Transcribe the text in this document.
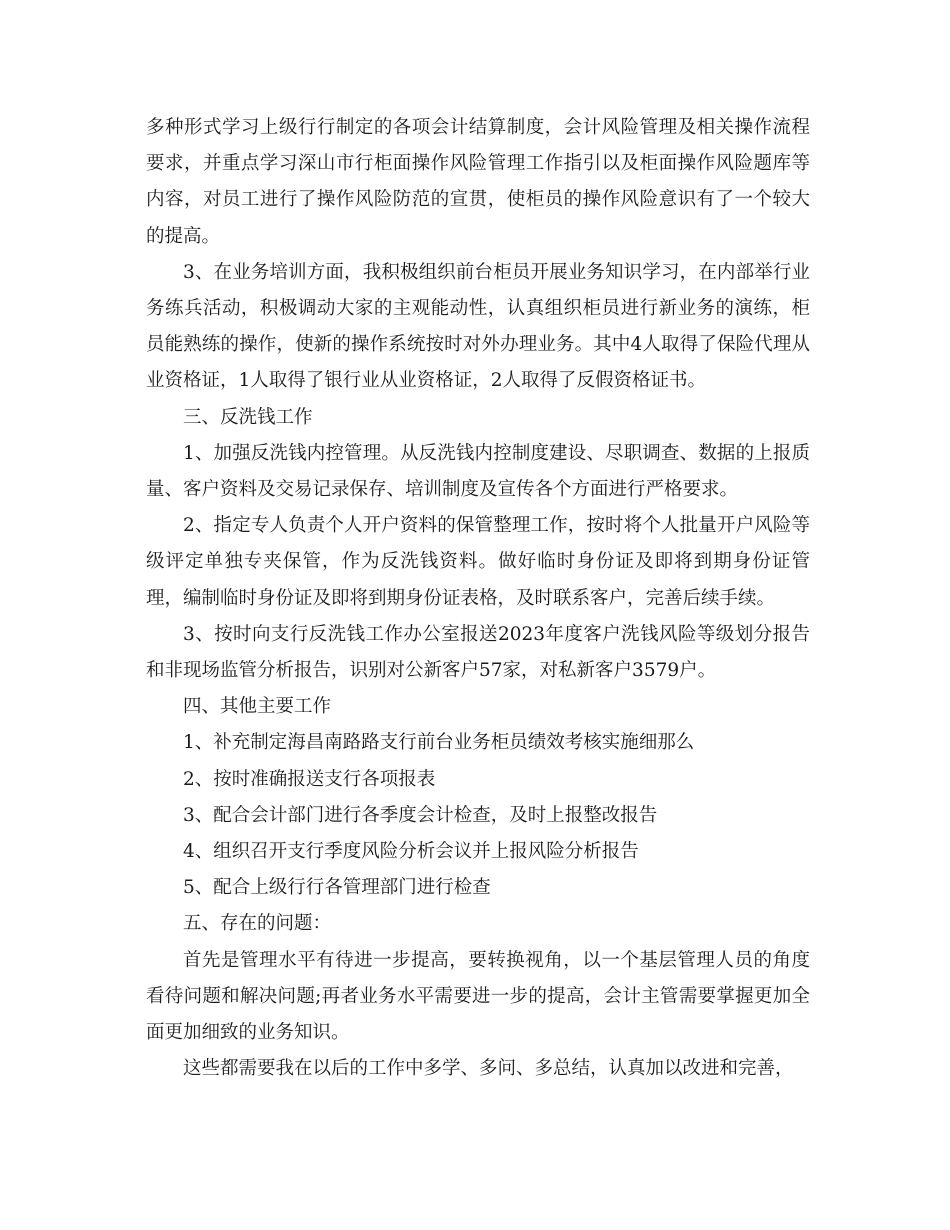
多种形式学习上级行行制定的各项会计结算制度，会计风险管理及相关操作流程要求，并重点学习深山市行柜面操作风险管理工作指引以及柜面操作风险题库等内容，对员工进行了操作风险防范的宣贯，使柜员的操作风险意识有了一个较大的提高。

3、在业务培训方面，我积极组织前台柜员开展业务知识学习，在内部举行业务练兵活动，积极调动大家的主观能动性，认真组织柜员进行新业务的演练，柜员能熟练的操作，使新的操作系统按时对外办理业务。其中4人取得了保险代理从业资格证，1人取得了银行业从业资格证，2人取得了反假资格证书。

三、反洗钱工作

1、加强反洗钱内控管理。从反洗钱内控制度建设、尽职调查、数据的上报质量、客户资料及交易记录保存、培训制度及宣传各个方面进行严格要求。

2、指定专人负责个人开户资料的保管整理工作，按时将个人批量开户风险等级评定单独专夹保管，作为反洗钱资料。做好临时身份证及即将到期身份证管理，编制临时身份证及即将到期身份证表格，及时联系客户，完善后续手续。

3、按时向支行反洗钱工作办公室报送2023年度客户洗钱风险等级划分报告和非现场监管分析报告，识别对公新客户57家，对私新客户3579户。

四、其他主要工作

1、补充制定海昌南路路支行前台业务柜员绩效考核实施细那么

2、按时准确报送支行各项报表

3、配合会计部门进行各季度会计检查，及时上报整改报告

4、组织召开支行季度风险分析会议并上报风险分析报告

5、配合上级行行各管理部门进行检查

五、存在的问题：

首先是管理水平有待进一步提高，要转换视角，以一个基层管理人员的角度看待问题和解决问题;再者业务水平需要进一步的提高，会计主管需要掌握更加全面更加细致的业务知识。

这些都需要我在以后的工作中多学、多问、多总结，认真加以改进和完善，
